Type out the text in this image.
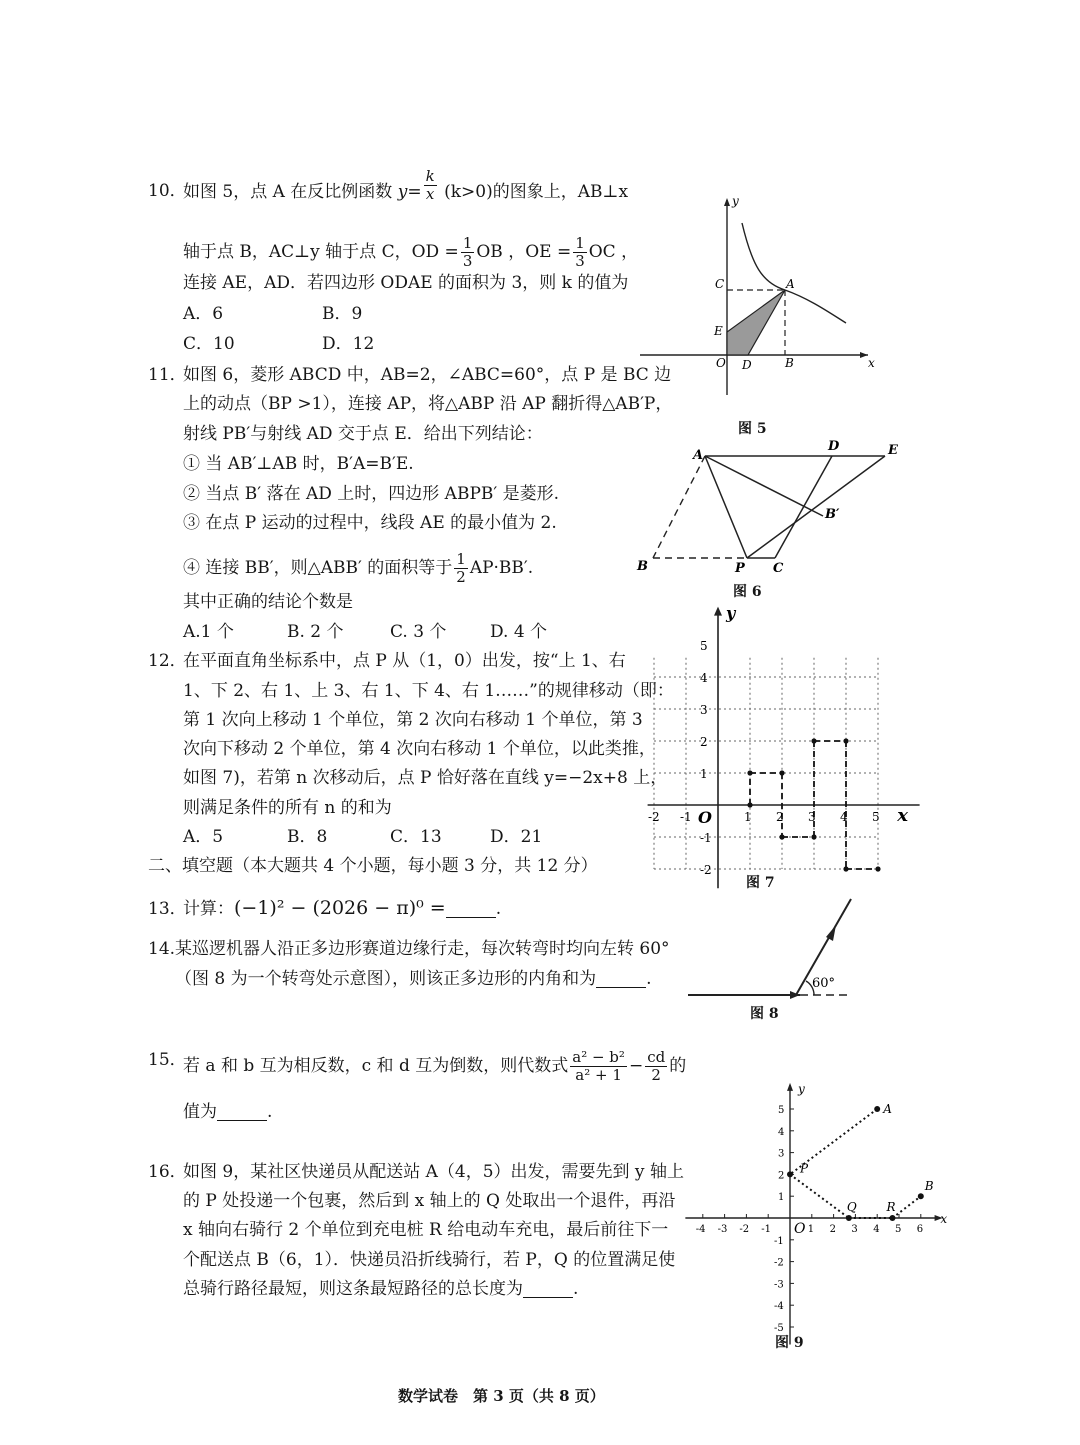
10．
如图 5，点 A 在反比例函数 $y= \frac{k}{x} (k>0)$的图象上，AB⊥x
轴于点 B，AC⊥y 轴于点 C，OD = $\frac{1}{3}$ OB ，OE = $\frac{1}{3}$ OC ，
连接 AE，AD．若四边形 ODAE 的面积为 3，则 k 的值为
A．6	B．9
C．10	D．12
y
x
C	A
E
O D	B
图 5
11．
如图 6，菱形 ABCD 中，AB=2，∠ABC=60°，点 P 是 BC 边
上的动点（BP >1），连接 AP，将△ABP 沿 AP 翻折得△AB′P，
射线 PB′与射线 AD 交于点 E．给出下列结论：
① 当 AB′⊥AB 时，B′A=B′E.
② 当点 B′ 落在 AD 上时，四边形 ABPB′ 是菱形.
③ 在点 P 运动的过程中，线段 AE 的最小值为 2.
④ 连接 BB′，则△ABB′ 的面积等于 $\frac{1}{2} AP\cdot BB'$.
其中正确的结论个数是
A.1 个	B. 2 个	C. 3 个	D. 4 个
A
D	E
B′
B	P C
图 6
12．
在平面直角坐标系中，点 P 从（1，0）出发，按“上 1、右
1、下 2、右 1、上 3、右 1、下 4、右 1……”的规律移动（即：
第 1 次向上移动 1 个单位，第 2 次向右移动 1 个单位，第 3
次向下移动 2 个单位，第 4 次向右移动 1 个单位，以此类推，
如图 7)，若第 n 次移动后，点 P 恰好落在直线 y=−2x+8 上，
则满足条件的所有 n 的和为
A．5	B．8	C．13	D．21
5
4
3
2
1
-1
-2
-2 -1	1 2 3 4 5
O
y
x
图 7
二、填空题（本大题共 4 个小题，每小题 3 分，共 12 分）
13．
计算：(−1)² − (2026 − π)⁰ =	.
14. 某巡逻机器人沿正多边形赛道边缘行走，每次转弯时均向左转 60°
（图 8 为一个转弯处示意图），则该正多边形的内角和为	.	60°
图 8
15．
若 a 和 b 互为相反数，c 和 d 互为倒数，则代数式 $\frac{\text{a² − b²}}{\text{a² + 1}} - \frac{cd}{2}$ 的
值为	.
16．
如图 9，某社区快递员从配送站 A（4，5）出发，需要先到 y 轴上
的 P 处投递一个包裹，然后到 x 轴上的 Q 处取出一个退件，再沿
x 轴向右骑行 2 个单位到充电桩 R 给电动车充电，最后前往下一
个配送点 B（6，1）．快递员沿折线骑行，若 P，Q 的位置满足使
总骑行路径最短，则这条最短路径的总长度为	.
5
4
3
2
1
-1
-2
-3
-4
-5
-4 -3 -2 -1	1 2 3 4 5 6
A
B
P
Q R
O
y
x
图 9
数学试卷　第 3 页（共 8 页）
